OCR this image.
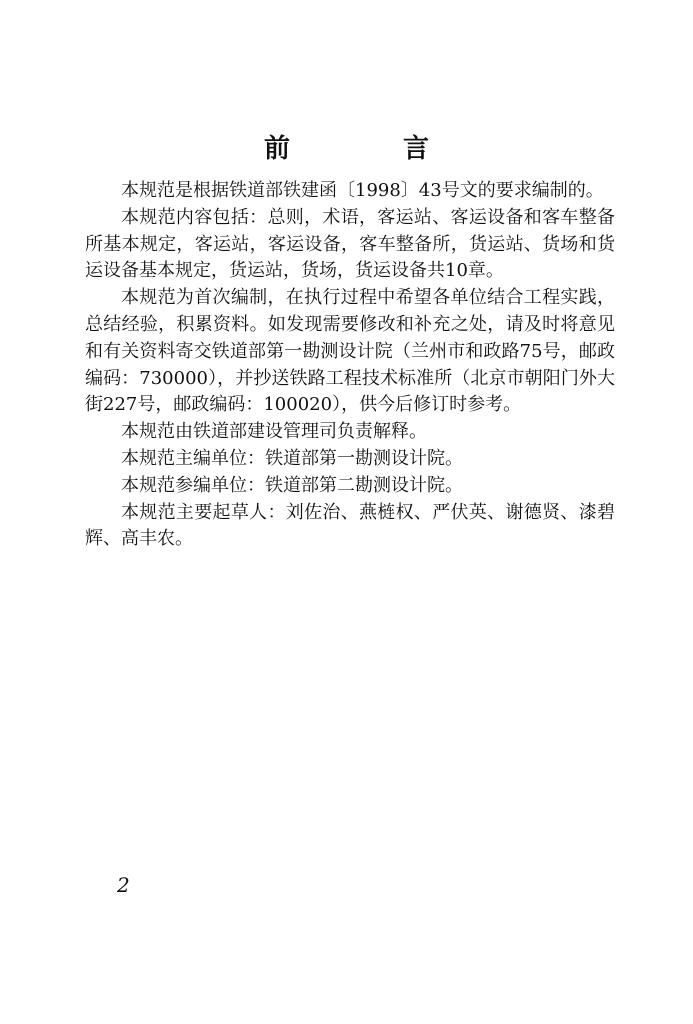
前 言

本规范是根据铁道部铁建函〔1998〕43号文的要求编制的。

本规范内容包括：总则，术语，客运站、客运设备和客车整备所基本规定，客运站，客运设备，客车整备所，货运站、货场和货运设备基本规定，货运站，货场，货运设备共10章。

本规范为首次编制，在执行过程中希望各单位结合工程实践，总结经验，积累资料。如发现需要修改和补充之处，请及时将意见和有关资料寄交铁道部第一勘测设计院（兰州市和政路75号，邮政编码：730000），并抄送铁路工程技术标准所（北京市朝阳门外大街227号，邮政编码：100020），供今后修订时参考。

本规范由铁道部建设管理司负责解释。

本规范主编单位：铁道部第一勘测设计院。

本规范参编单位：铁道部第二勘测设计院。

本规范主要起草人：刘佐治、燕梿权、严伏英、谢德贤、漆碧辉、高丰农。

2
